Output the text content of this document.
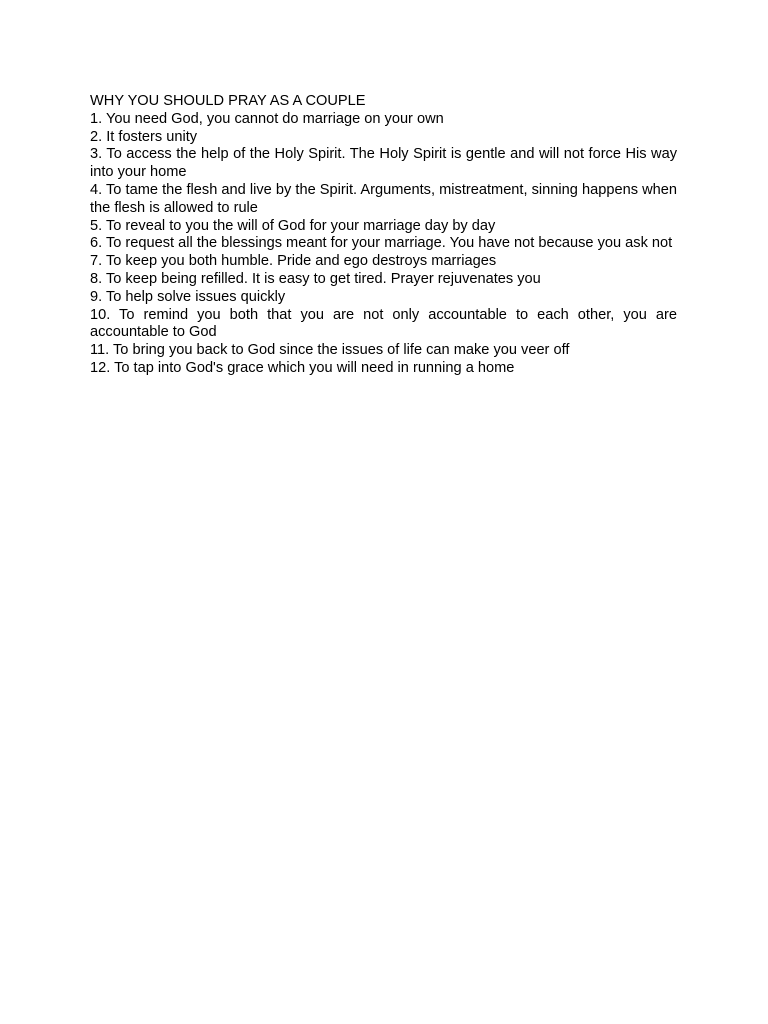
WHY YOU SHOULD PRAY AS A COUPLE

1. You need God, you cannot do marriage on your own

2. It fosters unity

3. To access the help of the Holy Spirit. The Holy Spirit is gentle and will not force His way into your home

4. To tame the flesh and live by the Spirit. Arguments, mistreatment, sinning happens when the flesh is allowed to rule

5. To reveal to you the will of God for your marriage day by day

6. To request all the blessings meant for your marriage. You have not because you ask not

7. To keep you both humble. Pride and ego destroys marriages

8. To keep being refilled. It is easy to get tired. Prayer rejuvenates you

9. To help solve issues quickly

10. To remind you both that you are not only accountable to each other, you are accountable to God

11. To bring you back to God since the issues of life can make you veer off

12. To tap into God's grace which you will need in running a home
